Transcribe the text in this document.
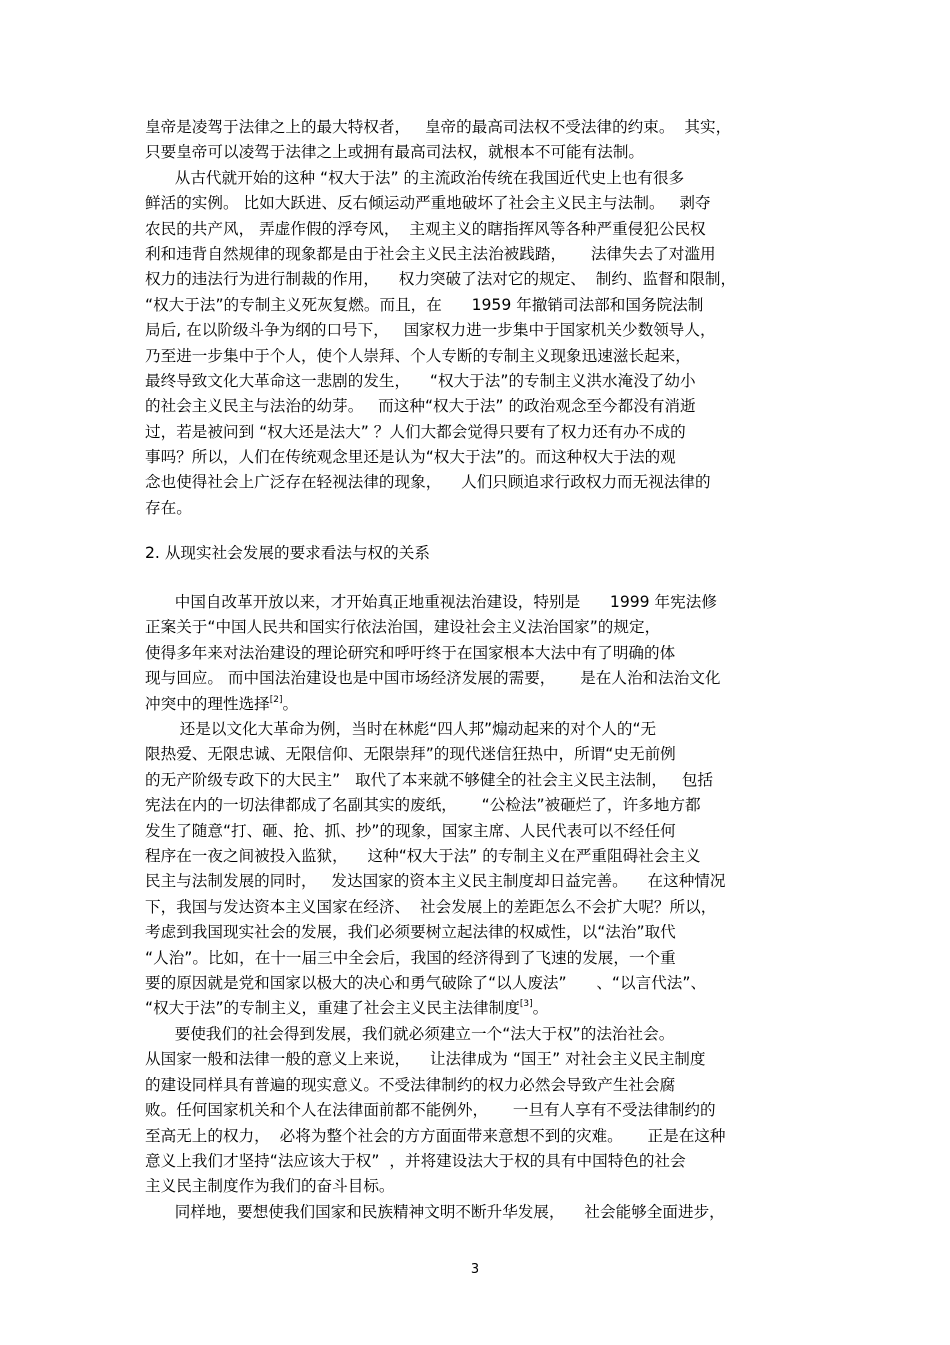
皇帝是凌驾于法律之上的最大特权者，   皇帝的最高司法权不受法律的约束。  其实，
只要皇帝可以凌驾于法律之上或拥有最高司法权，就根本不可能有法制。
从古代就开始的这种 “权大于法” 的主流政治传统在我国近代史上也有很多
鲜活的实例。 比如大跃进、反右倾运动严重地破坏了社会主义民主与法制。   剥夺
农民的共产风， 弄虚作假的浮夸风，  主观主义的瞎指挥风等各种严重侵犯公民权
利和违背自然规律的现象都是由于社会主义民主法治被践踏，     法律失去了对滥用
权力的违法行为进行制裁的作用，    权力突破了法对它的规定、  制约、监督和限制，
“权大于法”的专制主义死灰复燃。而且，在      1959 年撤销司法部和国务院法制
局后, 在以阶级斗争为纲的口号下，   国家权力进一步集中于国家机关少数领导人，
乃至进一步集中于个人，使个人崇拜、个人专断的专制主义现象迅速滋长起来，
最终导致文化大革命这一悲剧的发生，    “权大于法”的专制主义洪水淹没了幼小
的社会主义民主与法治的幼芽。   而这种“权大于法” 的政治观念至今都没有消逝
过，若是被问到 “权大还是法大” ？人们大都会觉得只要有了权力还有办不成的
事吗？所以，人们在传统观念里还是认为“权大于法”的。而这种权大于法的观
念也使得社会上广泛存在轻视法律的现象，    人们只顾追求行政权力而无视法律的
存在。
2. 从现实社会发展的要求看法与权的关系
中国自改革开放以来，才开始真正地重视法治建设，特别是      1999 年宪法修
正案关于“中国人民共和国实行依法治国，建设社会主义法治国家”的规定，
使得多年来对法治建设的理论研究和呼吁终于在国家根本大法中有了明确的体
现与回应。 而中国法治建设也是中国市场经济发展的需要，     是在人治和法治文化
冲突中的理性选择[2]。
还是以文化大革命为例，当时在林彪“四人邦”煽动起来的对个人的“无
限热爱、无限忠诚、无限信仰、无限崇拜”的现代迷信狂热中，所谓“史无前例
的无产阶级专政下的大民主”   取代了本来就不够健全的社会主义民主法制，   包括
宪法在内的一切法律都成了名副其实的废纸，     “公检法”被砸烂了，许多地方都
发生了随意“打、砸、抢、抓、抄”的现象，国家主席、人民代表可以不经任何
程序在一夜之间被投入监狱，    这种“权大于法” 的专制主义在严重阻碍社会主义
民主与法制发展的同时，   发达国家的资本主义民主制度却日益完善。    在这种情况
下，我国与发达资本主义国家在经济、  社会发展上的差距怎么不会扩大呢？所以，
考虑到我国现实社会的发展，我们必须要树立起法律的权威性，以“法治”取代
“人治”。比如，在十一届三中全会后，我国的经济得到了飞速的发展，一个重
要的原因就是党和国家以极大的决心和勇气破除了“以人废法”      、“以言代法”、
“权大于法”的专制主义，重建了社会主义民主法律制度[3]。
要使我们的社会得到发展，我们就必须建立一个“法大于权”的法治社会。
从国家一般和法律一般的意义上来说，    让法律成为 “国王” 对社会主义民主制度
的建设同样具有普遍的现实意义。不受法律制约的权力必然会导致产生社会腐
败。任何国家机关和个人在法律面前都不能例外，     一旦有人享有不受法律制约的
至高无上的权力，  必将为整个社会的方方面面带来意想不到的灾难。     正是在这种
意义上我们才坚持“法应该大于权”  ，并将建设法大于权的具有中国特色的社会
主义民主制度作为我们的奋斗目标。
同样地，要想使我们国家和民族精神文明不断升华发展，    社会能够全面进步，
3
